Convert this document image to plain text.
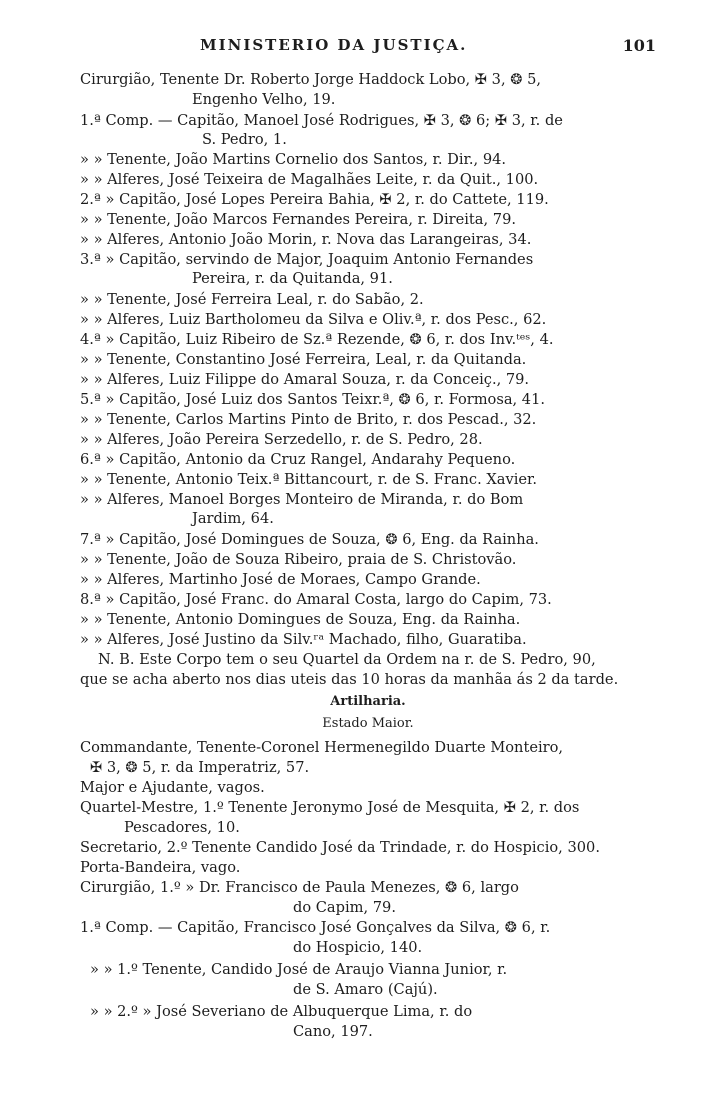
MINISTERIO DA JUSTIÇA.	101
Cirurgião, Tenente Dr. Roberto Jorge Haddock Lobo, ✠ 3, ❂ 5,
Engenho Velho, 19.
1.ª Comp. — Capitão, Manoel José Rodrigues, ✠ 3, ❂ 6; ✠ 3, r. de
S. Pedro, 1.
» » Tenente, João Martins Cornelio dos Santos, r. Dir., 94.
» » Alferes, José Teixeira de Magalhães Leite, r. da Quit., 100.
2.ª » Capitão, José Lopes Pereira Bahia, ✠ 2, r. do Cattete, 119.
» » Tenente, João Marcos Fernandes Pereira, r. Direita, 79.
» » Alferes, Antonio João Morin, r. Nova das Larangeiras, 34.
3.ª » Capitão, servindo de Major, Joaquim Antonio Fernandes
Pereira, r. da Quitanda, 91.
» » Tenente, José Ferreira Leal, r. do Sabão, 2.
» » Alferes, Luiz Bartholomeu da Silva e Oliv.ª, r. dos Pesc., 62.
4.ª » Capitão, Luiz Ribeiro de Sz.ª Rezende, ❂ 6, r. dos Inv.ᵗᵉˢ, 4.
» » Tenente, Constantino José Ferreira, Leal, r. da Quitanda.
» » Alferes, Luiz Filippe do Amaral Souza, r. da Conceiç., 79.
5.ª » Capitão, José Luiz dos Santos Teixr.ª, ❂ 6, r. Formosa, 41.
» » Tenente, Carlos Martins Pinto de Brito, r. dos Pescad., 32.
» » Alferes, João Pereira Serzedello, r. de S. Pedro, 28.
6.ª » Capitão, Antonio da Cruz Rangel, Andarahy Pequeno.
» » Tenente, Antonio Teix.ª Bittancourt, r. de S. Franc. Xavier.
» » Alferes, Manoel Borges Monteiro de Miranda, r. do Bom
Jardim, 64.
7.ª » Capitão, José Domingues de Souza, ❂ 6, Eng. da Rainha.
» » Tenente, João de Souza Ribeiro, praia de S. Christovão.
» » Alferes, Martinho José de Moraes, Campo Grande.
8.ª » Capitão, José Franc. do Amaral Costa, largo do Capim, 73.
» » Tenente, Antonio Domingues de Souza, Eng. da Rainha.
» » Alferes, José Justino da Silv.ʳᵃ Machado, filho, Guaratiba.
N. B. Este Corpo tem o seu Quartel da Ordem na r. de S. Pedro, 90,
que se acha aberto nos dias uteis das 10 horas da manhãa ás 2 da tarde.
Artilharia.
Estado Maior.
Commandante, Tenente-Coronel Hermenegildo Duarte Monteiro,
✠ 3, ❂ 5, r. da Imperatriz, 57.
Major e Ajudante, vagos.
Quartel-Mestre, 1.º Tenente Jeronymo José de Mesquita, ✠ 2, r. dos
Pescadores, 10.
Secretario, 2.º Tenente Candido José da Trindade, r. do Hospicio, 300.
Porta-Bandeira, vago.
Cirurgião, 1.º » Dr. Francisco de Paula Menezes, ❂ 6, largo
do Capim, 79.
1.ª Comp. — Capitão, Francisco José Gonçalves da Silva, ❂ 6, r.
do Hospicio, 140.
» » 1.º Tenente, Candido José de Araujo Vianna Junior, r.
de S. Amaro (Cajú).
» » 2.º » José Severiano de Albuquerque Lima, r. do
Cano, 197.
